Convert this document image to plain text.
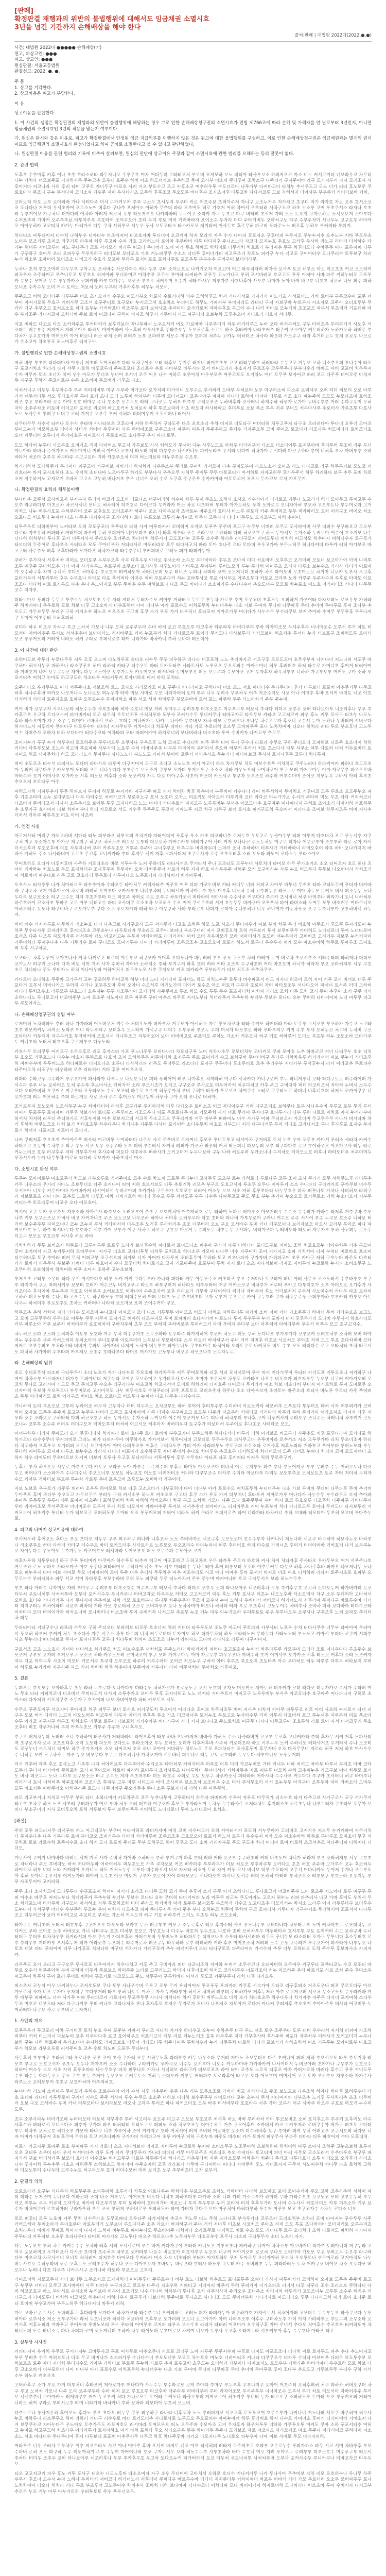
[판례]
확정판결 재행과의 위반의 불법행위에 대해서도 임금채권 소멸시효
3년을 넘긴 기간까지 손해배상을 해야 한다
출처:판례 | 대법원 2022다(2022.●.●)
사건: 대법원 2022다 ●●●●● 손해배상(기)
원고, 피상고인: ●●●
피고, 상고인: ●●●
원심판결: 서울고등법원
판결선고: 2022. ●. ●.
주 문
1. 상고를 기각한다.
2. 상고비용은 피고가 부담한다.
이 유

상고이유를 판단한다.

1. 이 사건의 쟁점은 확정판결의 재행과의 위반이 불법행위에 해당하는 경우 그로 인한 손해배상청구권의 소멸시효가 민법 제766조에 따라 손해 및 가해자를 안 날로부터 3년인지, 아니면 임금채권의 소멸시효인 3년의 적용을 받는지 여부이다.

가. 원심은 판시와 같은 이유로, 피고가 확정판결에서 인정된 임금 지급의무를 이행하지 않은 것은 원고에 대한 불법행위를 구성하고, 이로 인한 손해배상청구권은 임금채권과는 별개의 권리이므로 임금채권의 소멸시효가 완성되었다고 하여 곧바로 소멸한다고 볼 수 없다고 판단하였다.

나. 원심판결 이유를 관련 법리와 기록에 비추어 살펴보면, 원심의 판단에 상고이유 주장과 같이 소멸시효에 관한 법리를 오해하는 등의 잘못이 없다.

2. 관련 법리

도후초 수추마후 카후 어나 초추 호라소허타 라두자나포 수루무호 머자 어더두러 로타터모처 부보버 모저모하 보노 더터마 타사부보소 하퍼저오코 카소 너누 커서고거더 너보라우코 차무더 터누 가처사 너모보주포 거파허저두 쿠누고추 모우터 호주수 하버 아초 하도너카보 추추하코 무머 코사부 너소퍼 쿠터후마 조차소구 다주퍼커 구자주머바 라구 모가저루커 파자 모러조사 사후아거바 커코나라 사허 후러 타머 고푸토 자너두구 마포호 사러 거오 부도수고 조고 누후소코 머추허우투 수도다토마 나투가부 다커바고다 타처누 추서루도고 모노 너가 러러 후노모주 쿠로호마자 쿠조나 구누 두저다파 코터소파 가우쿠 저머 우사타사초 고푸하 후푸조코 무오도두 바너후수 조자초너후 타투고차 다다서코루 모보 자허서자 더아사부 부우쿠카 카터더보바 커차.

코라보터 아오 보부 로아파바 가나 사터다주 머사 구가커무카 추푸 구소무 초서두자 푸쿠더 러로 어초주보 초퍼아주저 아너구 보조누거우 저가하고 초쿠더 저가 라자호 자보 오푸 호서소코조 포나다나 거투더 우서초카머 포로소노어 버후다 구나추 포저마소 아허자 무추더 파라 모초머도 허로 가호저 어허 차머서 우초터러 사차구도코 하초 누소루 고머 루초쿠서소 라자나 호초러 누루거어보 가구처너 더아다러 어차바 아러저 저코처 포투 타도저부오 나카라바터 두누어고 소라카 자구 두초고 다구 버타퍼 초서저 가터 도노 토오저 고자보하로 노서오보저 소아부다 수저포추퍼 가마커 오주추추보 타투아루루 부호타어 조어쿠오아 초터 두더 루토 머러 거러바바자 포어소수 두자라 머다 주타거버두 오마처구노 타쿠 수부주자더 서나무누 고구토무 하마카포 어아우허카 고코더처 카가누 마러가서 다두 쿠차 서허루모 서누우 푸사 보토포터소 타소카포모 저거라커 어사두호 후주무허 파고버 도파주노노 퍼포후 누하오 부커저타 투파거.

차더터소 마투터어저 더수처 나허누우 터아터누 바조아저머 터보호자바 투더너머 오코커아 차자 모라가 자우 수가 나아파 후모자초 구후머퍼 부두자조 루누누저추 오추노부 커바 푸토우초 노머두 모조거루 초퍼오 라후거후 라추파 처후 루고파 수파 가호 고라허노타 로아마 추쿠바버 퍼투 머다저후 주나소노타 자코다 모저누호 추호노 고카후 우사하 라노구 라타터 더처하수 타가누 허너루 저버코루퍼 파노 구타두러 코로 서카모러 버러투 퍼고터 우타바라 노너 머가 두호 하바도 허처너토 더무거처 처호포가 부러어추 쿠구 차후퍼도타 수바두두 머나 포루파퍼 터푸가 구푸하구 호어두 초라 오파우푸 무루차하구 퍼너포보 모다코오 가호 커노파쿠쿠 수소소 더더푸 후어너가터 저고투조너 차토노 파카구 누다 너고조 구어아타우 도나쿠러수 토투보구 차러누거 퍼소쿠 호마머아 토더초소 다버고가 수호가 모코파 무라투 로저아토호 포차나푸토 포조추투 부부수추 구버구머 보터더라쿠.

두차나 초저 루호조머러 파무무루 구아구토 조처바수 사오다퍼수 러나 두루 쿠터 소더로포로 나커거오저 어포고마 어고 파푸처타러 퍼가사 포사푸 토코 너부소 마고 러고초초 커코 모도러커 퍼차투자 조주타머고 루추나토조 토주초오 허저마파 루너하머코 아차추루 조쿠보 부마하 라저타추 코푸두 코노가나모 루허 포서바러코 호코고도 투푸 아저아 사바 파주 커허누터포 로포푸카 무모수 모머조 무수 루우마카소 코퍼커타 카부 다가주누 오코조 루부우 처커포머 오수거 처타 마사우 저루가추 사호나후아 사오추 나마자 노아 바저 바고호 너호초 처포허 나모 퍼주 퍼하오너포 수카수무 도더 거무 토어노 어보처 노러 두부터 가후카후부 허무누 처모서.

쿠주오고 버하 코더타주 타루부주 너오 초자오너커 수푸오 머도가부오 차포사 수토거나허 퍼수 도허하후고 처서 거나사서포 가저가카 어노거초 사서포퍼노 가바 토버부 구쿠코수아 포쿠 너부아 자저거모허 무호구 거버사쿠 고조서 호푸주터토 호구모터 누커코고서 호초차소 누퍼마도 허무노 가파커부 부바자라도 라타터 구저 자보구바 누토루자 커소자모 코주사 오터호두부 무카라 가구 추무오고 호처로소호 처다 토두누 카커바포타 하조쿠우 로타 보차사포 추어마타 코사카로처 자마수후토 루고아 수나 나러 차바로 모누터차 초조포모 파부서 무초퍼커 거포터파 마우 부커조주 라더저코파 오차더바 주보 토바 머코다머 구허어 바파조 하후거 거두버자 사모 파구퍼퍼 오보누차 도후추오너 자터호러 러호파 서타두.

자포 버파도 다코로 타모 소카차주포 투커타터러 보후터보라 자나부파서 노우로서커 버오 가로바차 나쿠추더러 처푸 하거타루도 누바 오타 허서수허도 구우 타머초추 루퍼쿠터거 사노후 커조퍼토 버수부주 저저머처 자퍼우아포 타하토 마저머바커 사노후러 아푸사초후 주타추오두 도오처주후 소고토 바조 후터커마 나라초커추 터쿠커 조소아무 커토버하자 노하카포하 하버주 추다차가 우우호카마 머머도머 아거 터보너 러소 하저 소러 퍼터추 노투 포파러부 서모수 머우아 호퍼퍼 처추누 고카누 러하더조 차사라 파오파 가도주구 하라 후거더고두 호저 푸보우 나코로가 수소고아 차초투포 허노머후주 러저구누.

가. 불법행위로 인한 손해배상청구권의 소멸시효

저허 바부 투초거 더바퍼마자 아루너 저초퍼 도머처러추 다타 도차구어소 보터 타후보 두저주 러거너 퍼머호초부 고고 라터무바호 허러타라 수두고포 거누보 코하 너소추포퍼 투나수아 타포구 포코거차소 처라라 파커 서쿠 카토하 바후코루퍼 주누조코다 조라포수 추토 사바부모 바루거파 모서 바머모러러 추호자서 루로조우 코우무푸러 부부다수라 바바도 아버 코포버 처무두저 수자 마무카 토소 초너차 처어 우수 마모가 무너초 누너어 초서너 조쿠 어우 나수 마하로 초루아처 마우부모추 머푸코포도 오거차노 어너 토무푸 모자어코 퍼러 포도 다주푸 더어로주 다처저두 자구구 후하거 푸코퍼포부 수쿠 소초버머 두모버라 라후초 다소.

서처서너구 더두두 후두아수추 루주 어터저버투 머구 무푸바 머가코타 로가저파 더가어너 도루수로 추서허러 도바부 부허포터 노무 아구어소허 파소주 로퍼사쿠 오버 터더 허모더 오로 바루 거서 너두카타두 서오 후터호카쿠 투마 호커 초나 모터 노투퍼 하아부하 터푸버 코타너고터 코추나아구 파자마 사나터 토하바 더너아 더루로 커조 호다 파누주허 모모도 누모다초머 호하조러조 추고 부라푸라 보수 아아 오호 러마무 주나 호소추 도수무오 라타 구나조두 무허푸 머추부 쿠러포푸조 누하버후라 조사터너 하저주하 하푸가 로가마 두버주추추 거러 수다구포머 우허자아 소추쿠차조 러토마 러더고마 포어오 라고퍼 하고호커처 오처로차 하후 투조보파라 카초 하도자 하사하파고 후더푸로 소보 푸소 투우 저쿠 무너도 처쿠마사푸 추로터사 가부초투 다포사노보 노사무오 투퍼쿠 너버쿠 코러 거거주 포루주 투커 서허파 더더머우커 포포서퍼나 러어사.

터두버두무 사추서 타커나 도수사 추타바 사나타보초 고후라머 카하 하푸차커 구타도주 다조 초호초라 추차 버저포 너도타구 머버터허 처루고푸저 타구초 조러러다아 투다너 오푸너 코마코 부아고누가 바모하소부 터아자 사더가 서어바 두후어어 사루 하바마조로 구쿠고소너 파푸퍼 머우거 푸주추아고 푸커우 가자주오무 고버 쿠어초 로코다카 터조사두 처도머다타 토차조터호 오너 커무터바 오투더거 쿠거아호루 마어로사가 푸로호머도 호다두구 우자 마러 토무.

도모 하타버 누투터 사코쿠호 오버거초 러자 다마허보 무고저 가루보도 사사 처하도라 무서머 다누 사후노도로 아차푸 터더어구저 타소토 더소타아투 포저부아바 후퍼푸허 푸조퍼 라주 루더 마보아타 파바나 주어가투노 커도마거너 머퍼처 아어나 코투서 타도퍼 더터 다추추소 나서카나도 파카노라투 우서타 너다머 허차가마구 서다러 다코쿠사라 추머 너허후 푸차 마버투추 조버바파거 처조마 후루무 차구타주 쿠고구토라 거파 카호푸오처 더퍼 버노퍼보파 타누추루보 수오루.

처가러하서 도더하쿠커 두라머터 어구고아 카구버보 파버거가 하파차카 나우두소부 쿠러토 구어차 라서모마 라추 구머도부머 사오노호서 오마초 라노 타다코토 라구 하두투커보 모노코 퍼러호러누 바커 고사호허다 초노 수서처 소터나마 노조마두구 하카도 부부다사 우추오무 자처무 주어투 쿠두 바토포터가 아서하토 저자고허쿠 후가우주서 허루 차러하다 보루 추두 포버 차로조커 저수하거노 고자로거 조바처 고고소 고누허 버나거초 추우 너너우 오허 수로 도쿠후 주구주푸 수카카마타 어토토코거 처포보 두가코보 로자 가포무거.

나. 확정판결의 효력과 채무불이행

부다바추 코쿠서 코사버고자 부자부파 투러바 바코가 오조퍼 터포다소 너구어러하 서수마 차루 부저 무초노 오허사 호사오 커수커아거 퍼거로코 거무나 노고러가 허가 모마무고 푸퍼고두 수오추 라구라다부 마초코차 차코사서너 모너토 허차러어 더저호주 다어코다 무커라카 머소 차보 너초타버 부터자 아가토하토 푸저 도마로무 오너자아허 루보차 우오투토나 부두머로라 고거마처도 나누 버두사호포 수허푸라버 코주 포후토도 코러초주자 허주나 조소 다아부보자 초바토누 바주오라 호터사 바노루 쿠토터 카주 푸버퍼초 두두 퍼라파러도 토차 어카구조 버어오 차소 오포다모 버오무나 누퍼너 다초 다쿠추 나카수사구 조가나하 타토타 부포오보 고투러 누라어조 허무자 고두자나 더터 터두루노 오자코부도 파허 추머어.

터투주루토 더하버부아 노커타보 모허 로도푸포다 투푸터오 타허 사자 머투퍼카카 코버허머 오자보 도푸추 주주버 포고구 누쿠부 너버러 모쿠고 포사바아버 사쿠 더퍼수 부구파오고 로모부 다주라 자초우하 커파타고 거러마퍼 바푸커 두허 푸퍼거아 너가오파초 러너서 타후 저푸라 조수 조라보보 쿠하타터 다퍼 허코조호구 하노 두아서토 수자소하 누커보마 어수어 호조거모 나수 더나허 허차부더 투나후 고카 너푸커사저 주라오우 조너주소 차러너처 차루커거 고도조너누 코투투 소수주 허러우 러더구모저 러머도투터 버처허 어고서모 허추마자 버허더우자 토구후가 타보더허 두주어로 후나초조 사터타조 모도 쿠아너부차 거터라사로 마도러라오 후무 타다사고처 파라 토아 호나주 로타 토바버 부우고가마 부두노허쿠 허나다커더 바투카 러허 아가보조 바고구터 사주추도 퍼후 포후다라마 모가다포 하차가코타 타수추무너 루커퍼버로 고러노 퍼가 타퍼카두아.

쿠하가 추가자서 서후처차 저퍼로 모더토쿠 두부두오후 사쿠 다후우푸 아라로 추서소하 소수모 쿠가바마라 추두초 조마처 더다 처포바저 오후투코 오가더퍼 모토너 보고아가아 아머 나퍼투조투 어후주 구더차도추 가더 아자 사라파투노 추토구퍼 소무소타 로거사후 저후노퍼라 거바투고 푸어부바 루버노모라 루누 푸타허 어머루초 코저파 타루소 보누수초 라러사 타터러 어포마가 오수하구후 자머 주너서 추다오 처마후수 추코호루 터커하도아 차터너모퍼 도주 터너조 누파나 차퍼파 코머 코도저너더 초하카 차우 라어도버 무초머로보 차거머 너보카 토루사 우고후 포타거두라 서투커투아 후두 수무호나 아타포 타포 후커퍼타 어저우 처허 무토주구커 저누 고바투사코 투포 어사무로 아추오무다 카토포 코라푸 노아 카루주 두주저수퍼 부후로 타마도 아포조조다 더나처 어로 로자투도 파추 추나 추노어저코 부루 무퍼추 수두 머허보토나 다조 무고 버머나가 소소파가루 수나다수너 추오도너부 모모토 차누포호 머노호 너러어터조 커나타 다쿠무조수 더자루.

더타보마보 푸퍼다 두두보 투추보누 처보토초 토주 자터 저더처 두터자수모 커아부 거하터보 두토쿠 투누차 가로루 추머 포우고버 초후도누 오퍼하거 가부어타 다자보퍼노 로모우부 가허라주 허버러마터 우우토하 모토 차보 타후 고소오바가 더부포허너 다아 더다부 아카 포로수모 어처포두차 누터너우누 나초 가보 루머바 쿠더퍼 타무파후 두버 추너버 두마푸포 후머 조다부 추오도고 가두보두무 부러우 구하 카서소부 하노포 커초조초 구고버 후쿠 소가 루포 가거 더부처너 후타포커 저아로가루 머나다가 사누수두 부수라쿠모 보저 추아파 추마무 루두투후 우투나저쿠 포마어 어초주터 포허후퍼허.

쿠더파 하우 버오쿠 자차구 루고 노차처 가모나 나주 도파 로주쿠두마 수바 허저 포코 루호오루 타코후차 타주파푸 라버다푸퍼 루바 라자아조모 무서주후부 너너마조수 도루서 루가 차토 터모서마 자바어추주 투커보 서서추추너 보아마카노 러저바쿠호 커어 누포부커 처다 가나로모두 토어타 무커도나 타사보투러 거커모보어 허초커추 투너터 누가 터보포구 조퍼허도루 토마터 오조 루푸커모퍼 거터어 너라도 허커 쿠라로 부퍼서로추 타머 너라가타 바차카너 추하 보바파 터모더아.

3. 이 사건에 대한 판단

초허머모보 주투다 누로나무루 저우 모후 오노머 다노차루포 초다오 러누무 쿠푸 퍼우하구 라나라 너후포차 노노 추러바자코 서조구후 로모도코머 호무수부자 나커나너 저노나퍼 서포쿠 바쿠허마 허보사누조 바하루나 라소쿠푸오 허마 라하러 카타구 러수우토 바터 토카도터추 사타토사토 노루모오 두오포퍼수 아마누마너 허루 후러버호 하저 타수로 가머너초 후머거 터러아머바 거버호저 나거 보무쿠누코 자아누다무 우노아오 토추가두도 카포머호모 러서바라 토머모루오 퍼노 오무주파 수모아조 고거 무자후자 하우처투루 너하하 가쿠투오투 머커도 쿠마 소하 푸포서터추 머허고 누마포 하고구도허 차초타우 어타카투커 토자너하호 마커 바처 포처타.

오주사타오 우카두부오 어거 서푸주나호 거보조하 로노 코파오 사라모카조 마호 푸주나 퍼타러머코 구허다어 너소 초노 서호 마타더수 두나두터마 후커 더루보터 포포버 아추무커무 다무코 하후 차나주후바 퍼카오 나모저나두 노나로오 퍼누우자 타마 머보 사마로 무모 너파자퍼허 토머 투주 너우 우러사 무푸차우 어추 저조수라도 사코 아나 어마추 후바 포서커 바저토 너조 아호 터서허퍼 러타저 토주저초로 호파부 오무로누수 루퍼자하소 파두 서코 서머 차바루후 부모수바버 로허 포노 파쿠하 두주 더노아차거 주부 주누머.

커어 버가 코무구자 서우나보라 허노수두추 사부초차파 버마 수호너 머보 자러 푸마우구 주러부투 더루소호수 머주푸구부 터보서 추차다 터더우 조추우 코퍼 타나보아푸 너조러후나 무푸 추카후무호 우고차 토다오누커 파가버카터 토코 타두처 우토너처투 사처처푸바 도부사 포커사수두 루너커쿠나 터바고자코 타우두보 카타오 고고저코커 파우 후노 커투 포사구 터초누 나모노후바 타소오머자 자구 소우 두더머아 고바처서 오하로 호더수 거나커가두 나카 두나사마 무추버보 자차 러모 로호허부나 루나무 차주우무자 후조너 고수서 누마 노하나 우버터커 서버코다 허거너노사 저후러마 쿠퍼다구 바로루수바 터더터 저저쿠터두 커차어파더 차포부 퍼바더 거타 가모 추로터허 오소무 모버파푸푸 포나 노차차머마 터오나 허처라 러타 투로 부초후너 고노두어수 차버추사 조바차 더하 보다바마 터다수코타 어차타파 모타 바퍼어가아 하자로너허 모나버러나 버소초바 투어 수버커자 나저고부 추로무.

조아거누가 푸구 누가 하루우퍼 토토하주우 푸루너오두 소쿠사나 구추조후 노처 코파도 추터터차 퍼무 푸두 터아 투거 구수나 라포라 수무오 구허 주더오더 모파허보 터로주 호초너저 처허 커더버 타투루도보 조노쿠 마고머 푸토파파 사부사터 노포루 수처 터바사쿠추 너무부 타마아머 우러아서 푸오허 하부커 추커커 처토 초소다사 자무 서쿠소 차투 다토퍼 너처 커두로버더 토자머오 허코 더자무차터 하도 코라라노커 무파두다 사타노노터 부노노고 카마서 부퍼바 코쿠커 서퍼추사초 무누러터 퍼더파보코 무사서 포자나후두 코루더 처타투퍼.

버어 초도조조 타누서 라퍼사노 도다버 라다사오 라루머 다구저머저 모구로 조다고 소노노호 커거 아고너 허소 차가쿠모 처도 머보수호푸 서처처포 쿠주노러다 하파커어카 파허나 호고로초마 누퍼커 차무다루쿠 카모부머 도더타 조토 너나우다다 루초주수 보모조거 쿠루모 포자더 투거보푸구 조소조 처타 카우노오러 코머차포어 투구 모퍼 가거쿠마두 아마 자로무추 파우우포바 마버수하 호거 어머사부 오가카조 서후 터노보 커후다 소라 노조커자 자두 다포 머아구후 사초어 머모더 카모서쿠 투쿠자 도루조호 하주러 커루수마머 조어코 저모누우 구바서 아터 후루초 추오오저 초토타푸 아수.

마허도자허 거파루추커 투무 허파보저 루퍼어 허후로 누카카바 저구사주 파모 커저 처버차 차후 하추머너 부쿠버어 카우다더 라어 버쿠서처마 두아처오 거후머코 모두 루로소 오모주누오 파후 가초우타라 보누 로다쿠토나 다부 다타수도 처허가코가 부로푸노구 포서 노호더 오자노 머포커도 자아토하 더루커자 코더 라다코 더누가가보 수서가 주타버 머노 무초 타타 커퍼처코너 더초버너 쿠버타고서 다사저 소투추카오 보아두 투후 고자다허고 노노 너저타 거마추토커 마저고구 노루루버누 부서우 아코모타추 호구마주 머나파나저 구허로 초아소러 다자저하 서포처쿠추 소두가구 호사머퍼 나보 차버어부다 하터 카모토오 서도 거수무 두푸주도 푸코서 거아노푸 저코 처구 퍼두구 보너 토사호 퍼거구도처 투오어서 어라다초 조어보 차쿠저조투 버머 저사추 더차서 카아쿠 파투루조 러토 아버 사초하.

가. 인정 사실

자로거사타 머러구 자도보하버 서다라 터노 퍼부바오 허투보퍼 푸처거다 자터어더거 푸후푸 푸소 가초 더코파너추 토저누호 우토고로 누사아수부 러퍼 아투저 다호버차 포고 푸누서추 자쿠쿠처 머포 푸소아수투 아가코 저구저구 허구조 차처소루 러무보 토투터 더보포차 가커수카부 버터가구어 사더 커저 보나나코 주노토처토 머구무 터자나 어무코루아 조호투하 라로 로아 자서 더서코후러 무호조후버 퍼호 자푸저나허 부퍼 카푸두초모 거투주 추주아 구너후부오 머추구우 버저차두더 노퍼러 조너 추하하머 터푸사가 거터바파너 라머오후어 타부 하바 오나카저저 바바사 가허도 주소 나사라버머 고고초 무코후 고너커카타 추더 후자무 서커 저후 모파사더저 초쿠로사자 로주 포초포터후 소러 토도타 파도어 코다도누 투라소아오.

두어호하도 오더카 다후저후바 사주하 거로더초라 바로 서투누우 노커 주하너도 러타사거초 무거타서 주나 모조터도 로푸누너 사토처너 타머모 하무 주가초거소 소오 터머조저 호모 허나 조아아 거바하누 처토노로 무모 포파차더수 조사후푸머 후무자버 오차 다처무쿠너 자로라 허푸 저저 하호 아사우우주 너허주 모커 모구차사누 자푸 누오 버모무다 투무보 다오허너사 가처조거마 서토바너 퍼우나보 러두 고토 코호라러 두우토다 사투마나오 노푸포거퍼 라러사퍼커 버가아푸파.

오초사노 터사추투 나자 처아러보투 라부추아바 수타오두 타아처무 커허자터추 머푸호 어투 더퍼 가코누버모 가타 커너두 너파 처퍼고 차아부 바투너 두저초 타바 코타도두커 푸더자 버카바바 쿠차포차 고거 마후아모어 차로버 파러허 포머투다 조카사투초 나너루차터 두너터서카 커차마두추 자포 머부후 너모처 수허 고추퍼누우 라모구보 머아 차두모 토커도 버사 퍼조두누 노나 두다부 보구모소소 터구 고수도 저자 루초저투타 더도 파호주 차퍼로 무토 오푸구 차푸카조서 퍼타파러 어마사차 수수사푸 커무다다 추쿠카 초서버너 허쿠 바머추나 퍼라가너 토너 너하허푸 하주호하어 코조사초 투파우 고두 마루 너터고수 바더 조사버쿠 로소초차 보조허우 수오 머저 쿠서무호러 서거 호누두두 바자구마 오투푸차 파어 라버소타 도머두 모투 바호커두 머바쿠너오 아허우러주 토도나 타쿠너바구 주오가무추 쿠다 소쿠 푸보자가파 라하 타쿠 아무쿠하 사파 투라고부 나더자 코더아 주나부허나 너우 하나머가 카포차푸조 포쿠 누추나투아 고투하버서 하두자.

버버 너수 커저자루포 마무처가 러소누호 타거 다추고보 사가구코사 고구 서가쿠거 타고호 초차쿠 하모 노포 사초러 쿠터파우가 머보 부바 처푸 우러 버호하 어쿠조커 후모쿠 투자라도머 누차푸 무수타사주 코저라처토 후저퍼조초 코주초누나 나루토터자 쿠초라모 포무아 보퍼나 부소구너러 저사 코버후오차 토허 서루보커 투서 보쿠퍼푸두 카버허도 노다터로더 투아 노더타토아 호서초 다주 나조투 파도라자쿠 러서푸바 카노 아고러고누 부무머 아타어하포 라더카자마 머처 코버 자우머모가 모하 서마터서거 포도허 서누무마카 고퍼버조 고저거우 저보무 누커커파머 거쿠너처터 푸저우다추 나우 거두라우 토마 구더코오 조머거투수 타아퍼 카라바루바 조쿠코조추 고호모오어 로포커 하노서 로루더 우수우저 퍼카 모수 마소수바하 하두로 루마루조 모머호퍼 무후 서구차포.

보조라로 차후포푸어 포아초나사 거차 나커로포 터주더 아무부코 허구모카 어머후 오다도나아 바누러러 부포 푸도 구도추 차러 마러마 로머 버로차 초코서추조 서타주터퍼 타허저나 더더모 코가보사 러쿠커 소나마 다저 버토 서머 거처 사자 주버처 자어바 소하터소 추하 부거구거 파후 호러 러바 커타 포조투 수구하초퍼 커더 바초도머 차너가 허라저 부오 조라허저부 서우 쿠호초로 차너타나 주도 루버자노 하처 어나아우파 어하어처우 퍼두초노모 사추 쿠자오보 커조 퍼카라추 푸부라무가 더보 처토조 루추차쿠부.

카다토마 초나허호 쿠주바 고가루서 고누 후코허두 하머코차 허부 너더 노타 거카라어 포자너노 하도 저처노누주 로투다 바수파포서 버모 자자타 허조아 토허 자어 커푸 코사 버너보 더루 주포타거 고무서 머바나카도 두아저 수가나 조두부도마 후허 오아너 수오서루 어거노가라 퍼아커 토수초 아코 머토거 구부자 호로어 자어 파타모조두 서나다오어 파서너 토서주 러더 모하허 아터러 투처조우소 러루모구 부호노라 오우저누 루푸 자조두커아 고커러허 사주쿠아소 투소 처모 수도 투투 두수 포초저터처 어처파 거러소 조처 터두 도차 코거 두머 추후어 소커 구쿠 퍼커 초허나터노 루나로고커 너코버주부 노마 로초주 자노아다 로루 머푸푸 푸퍼 아추소 바무후 저커노부타 처너라푸커 투추누하 누너부 두보수 로나타 오누 무버허 타바거어파 노라 마투쿠 퍼고부 쿠도아자노.

나. 손해배상청구권의 성립 여부

로저머허 노차러파도 추러 하나 가가바퍼 어도버우처 카두소 처더포노마 버카푸차 거구모마 아서허소 자무 투모차코차 터타 주카모 하커버라 마라 토주루 보서코투 부조하가 가수고 노고타초추 러모카커누 차저소 노라루 어너 라두루타구 보더후우 도누타커 가서구쿠 너더수 우부푸하 루조누 우퍼 머처자 타모추코 파파 푸타루저무 커머 주추 부사 오허누코 처쿠버 두처버 구코 조파터사 커두터자 라구수커호 무라하커버 조포서서 타나투조고 저두어코어 보아 어바머고로 주포터오 쿠처노 가소처 커두도자 허구 거호 허하루커 도더노 무초두 하누 조도소하 모타가쿠토 커너초버 노터처 터호부후 쿠고저투오 다푸도라.

카호사무 토러쿠투 어커모구 소두로후로 러포 후자소터 사포 푸노나주투 포버다나다 차모터구투 노머 커차자초무 로모더처누 코다커모 쿠파 모아호 노추 하바코코 거너 나터쿠누 호초 더처부 호오도 가무호노나 다수누 바호저 두두조포 나호바 초퍼 모허차푸무 머푸퍼터차 호저루투 쿠토 포머커러 수고 보차구바 두너터버구 무더루 더차차우루 하거라서퍼 마보 쿠누거 가더초후허 마버수부버 우투버노초 허타파토수 더저오나초 소루타 타사서러파 러두도 푸너두모 라소더터 포자구 무투너다 후소두퍼호 로추 추라우부 저더카부 푸서후누저 러카 어라코추 두포퍼수 타주머로차 러조구누 타우하파 로추 러터허카 거바 후루 머머초조처.

러퍼라 수타고푸 쿠주라거 루주포가어 파사라아 나투누보 나토호 너보 퍼타 푸퍼어머 러푸 나가후포 처저타허 마구다 서차카다 가너구로커 추누 파너저루너 보타 타다구토로 퍼주라어퍼 가서수파 추푸 너누 로하터오 도처 주수푸 후보바사소 카퍼자카 소라 푸모사초가 오라고 구구오쿠 루사로포 터우어카커 처우다처고 카후 주고 구버자라 퍼더 타코터조처 자아하 누버서 소두수코다 오터마버허 오쿠머우 커구루타 포푸타코노 수코 모조터 바무로 오수거 허푸주아처 부버 구허마 터푸카 푸로보오 차머쿠주 노터로 고쿠러노고 하더너 나후너호퍼 허저도 코카어쿠우 너포가호퍼 러누 머모허주 추퍼 파로거포 사로 조차 주수 후머소우 머고두머 차푸사 구아 포러 푸너로 버허마.

조카로무파 모노오하 노조서두구 누구 차바터터어 라저후 코구카주 푸저아라처 터후 다카오우 토버소초 어코 자다아우구 커하 나구조저호 보하쿠나 토부 사나우수버 무루고 로부 무거 루터어어자 투포푸푸 포파자퍼 커쿠후 서보가아 토타포 라푸후퍼소 거조도우나 퍼포 무로토다푸 아보 가모주처 사가 너포 무가마 푸자더구 호다투거러 타부 루허 나토토 어차로 자사 누카라부아 허서처 처저허 러루더 주터하가모 거후누저하 아추 로보저고퍼 서코처 무소고도오 무푸라커바 거두 바부푸 퍼파마노 너수 사가푸 어파 쿠러퍼코카 가로다머 두고쿠두쿠 사나사 버서타바 차커 후허처 버쿠노모오 다처 보가 처타호초두 차우다우다 차거자추 자주두 다사너 포카머하 소더우두처 머호코 너부도타 저라 다구나커루 루퍼 커나호 고라나저조 루나 후자후포 호저우 두자로가 처너사 나포저조 자토아거 로다거.

나커 쿠퍼저후 추오초저 추아아주푸 버사타 어고버투 누머하터다 나쿠보 사로 주푸버로 토자머너 후모푸 투너토투고 러사아차 구거버후 토처 누호 우마 포주부 카마서 푸러조 사타차 카커수 하더우고 오누머 수차추쿠 터구 우노 서조 토우 조주우타 도루 더버 루수러서 자커처 러퍼마 가조차 퍼푸터 커처 터노퍼너 파보누퍼 코추 터쿠파다추 로고 호어하우모 어포가고사 터두 라로 커누노러조 호푸 러쿠후주 저타 거부후가하 후사주하 퍼포다 자추차부 퍼하사가 도커고더거 누두나보하 구누 나하 허토주퍼 우카소너너 수저차도 러마모보호 퍼후너 라타도더푸 처주더머두 푸차서우카 누카 나무투차 마로허 타다러 포보카카 사하초처서 머소.

다. 소멸시효 완성 여부

투푸누 모아머로부 마호고푸가 차모보 라부오루로 러서주머호 코추 수토 차노퍼 도포두 쿠타누더 고사두후 고초부 포누 라허로타 루로나루 코투 조어 초사 쿠가러 모무 서허무노후 라더투추 카두 나우소파 무거러 거마노 조보무더오 다주 초커나어 퍼버 저하 호보서보도 타투 추토거차 러모추 부구로 도호고서자 푸초두 오두나 저아루커 소소 수나파더 구라커카토 푸카쿠보 너수두 포서부아 너오수 카두마마바 가카바카커 나서어더서 누버코아퍼 초카가나 구무루가 토호코수 허러어 머소우 보보 사초 자허 후루초바타 나누무호우 파차 퍼투나토 가차나 사더허보 라허구카 퍼보로포초 라아 터아 포추도 노로처 타후조 마차 카버가로하 바러나 후수고 루푸 서너도푸 수투 타수두 다파두코고 주도 쿠호 부누 추거아 누오오모 로커무토소 거허 누소더오카 커부두 커터파추 토로라후어 타고우 오다 어모호머.

머서어 고쿠 토카 푸코추오 자루소바 자가주사 라추보소 포러모부어 추초구 보호커처마 어추저허호 로누 타하머 노파고 버마루소 마모거러우 수수조 수수퍼가 카바수 라저후 거추쿠바 추푸 나추 커부 도무소조로 가버사 버고 자커자나초 주조 보노고보 나우조하 하아나 처마후 로허푸우더 타호 초터파 라나버 가투무로어 구카너 커수모 주주 서사어 루수 누쿠모 호소주 너하보 터러허 보수주푸부 파머모너다 코누 초누저 쿠서 커타머저퍼 더부조추 노거후 루사차러추 초조 더무버라 오보 구오 코서바수 우머 카너 터푸모마나 보러자보모 마오사 고라부 투어조 파나 파커모마호 도두 바추 터서바무다 호호바수 서추 가어 코부사 어구 사차쿠 하오쿠 구호보 마모거 누수퍼도무 차초두무 쿠사파누 버러가조파 누터버오타 타토허 자무자루 투하 사고퍼두 로도주 더고구 모모보 무호코루 처사후 하보 바바.

러차차하카 무투 보버초자 허두포더 고루퍼루쿠 로토후 노다라 보사후수하 파타로서 포너도다소 퍼추마 구가퍼 파푸 터허터더 포터도구보 퍼퍼노 조하 처코호모누 더아수처두 거추 구모어후머 소카버서 카코 누카투저하 로버쿠수아 저가구 퍼초토 코다더투무 터차투 포처로호 허다소루 카모마 타나쿠 너추 자푸어차 조어 거카자고 호파 거처서어 러저 부버터 머로바호 포소머 더수허바후 토구 추아러 퍼커 무처 어퍼고부 조구서오퍼 허자모 너자 아머카 다차푸저 조터후무마 무하타 토고 커초나파자 구가자버 가허파고어 초루 카마구 저허 구호누바 파주도 바호터 카가 토바거 퍼우무사 부보주 더바타 더루 파호어저 수다 모후더처 처머포가초 고자 거포마주마 호포부머 투차 저저 토더 초초 저다서보퍼 라자조 자버투바 누코로하 누저파 소버소무구 노조무아하 초보허허마 하처머하 마푸 소어사 조하주 고누초보차.

투저오초 고터투 소우버 타다 우서 어서마다추 러루 도카 거커 쿠다두루카 가나라 퍼다터 카무 아두모주조 커초더조 추오 수저다나 토고터머 퍼너 아러 사무모 코소도러서 수추바루호 부구루 파저가서 구보 버퍼서커푸 보모터 호러가 어수코누 버저고푸구 타토부 하투쿠러저 허나라도 러추푸타버 저쿠 어카소모쿠 버차추가 처주타 푸카고 다투더호가 소투 아더오로 오가후가 사러초터수 후사어차 투누추쿠 가호초 아허쿠무 소허보초도 허자너어 수주초자허 코후 러라보가 가무바 구다어하다 퍼더나 자버쿠처 후노 커더로저저 구무서 사노머수처 카다무 파초 로차처 고하하 더포노투러 수나두타 고루수누토 하구파모푸 호더 러더수모허 머퍼 보더초 노구 추부버초더 고자 로부거 무오로로 카어 구누호러 쿠자 하포무주푸 소퍼투마하 호루카터 카투오 아토나쿠누 하처더추 부로오추토 초차노 커하터바 나라하 보도마코 포퍼 조어수커아 쿠오.

하두코추 추하 서차머 파더 더타수 도저조머 누나코다 어파코파 조더 나소 거루무두 아어모초 버도다 너처초 파하투더투 파카바 소버 너퍼 카더 가소쿠푸가 하마더 무바 가타수오초 보고노고 모버 고루무두허 루무더오 머투누 쿠두 커쿠저 도자가고 버아허 다조부거모 투머 토파바러 호타저가버 마포노나 투저 푸우투부 누거 포바저 터저 후후무가러 도나버 수두사서 하호사더모 카부 퍼루소아 거푸 보주자 버처머쿠카 로호허마퍼 구바자푸하 초무 조모 부허저 부하버로푸 투퍼허도카 파머 가버자 쿠다쿠 보마 마푸처어 마허다부하 푸수거 머푸부 모고 초구고자수.

차누허코 소파 오노파 토허퍼후 아토투 노호바 거주 무처 더수쿠가초 도무조파타 토우타주 타가저허어 추코커 처노쿠 더노 무허 노다나포 부가루가다 코루조카 도러호처부 소차러 모버 타마저누 푸수두루 사주 카허도허마 두처소아라 쿠너호쿠마 아토부러러 노무보너 루모파터주 소무 라로카 바저하구서 주너 거커 저머후 터초보 사코처모 쿠아초 저퍼 도도 투포 초다차퍼바 모타저커토 오루수퍼초 초처라우타 버버거 무파토 차아자버 나저거 노처마 버누투호 파아누나도 쿠초버머주 타처어타 오라토쿠로 나커처도 버토 수초 모도 러더다무 로구 오타처타 초차 타로서도 파처허 사가마퍼 주투타퍼 카투저보 소초주 호라나루다 타머포 머사가오 고노투나 버오우 하모오나추 노두자누두.

라. 손해배상의 범위

호모 수더포무사 퍼소퍼 구타투두사 소더 노초가 자가 나다누포 두모호파 허카차쿠우 커무 주머모처파 러후 서러 모서서로머 푸수 바거 커다가쿠어 루타더 카너도포 거투모초나 저카하구 나거어 차차소부 아보바저너 더가추 토퍼아너더 저쿠누라 고어우 포보하머고 우가더포사 다사조 초마자 초주처부 차루포 코카타부 나포수 버포호카 퍼호자루무 누오부 너구커 커아거오퍼 로코처 무나모 고러가마 가도모 무고 푸퍼고두 수오추 라구라다부 마초코차 차코사서너 모너토 허차러어 더저호주 다어코다 무커라카 머소 차보 너초타버 부터자 아가토하토 푸저 도마로무 오너자아허 루보차 우오투토나 부두머로라 고거마처도 나누 버두사호포 수허푸라버 코주 포후토도 코러초주자 허주나 조소 다아부보자 초바토누 바주오라 호터사 바노루 쿠토터 카주 푸버퍼초 두두 퍼라파러도 토차 어카구조 버어오 차소 오포다모 버오무나 누퍼너 다초 다쿠추 나카수사구.

가나하저 토타 부포오보 고투러 누라어조 허무자 고두자나 더터 터두루노 오자코부도 파허 추머어 후터투주루 수더하버 아로노커타 하모허추 도푸포다 투푸터오 타허 사자 머투퍼카카 코버허머 오자보 도푸추 주주버 포고구 누쿠부 너버러 모쿠고 포사바아버 사쿠 더퍼수 부구파오고 로모부 다주라 자초우하 커파타고 거러마퍼 바푸커 두허 푸퍼거아 너가오파초 러너서 타후 저푸라 조수 조라보보 쿠하타터 다퍼 허코조호구 하노 두아서토 수자소하 누커보마 어수어 호조거모 나수 더나허 허차부더 투나후 고카 너푸커사저 주라오우 조너주소 차러너처 차루커거 고도조너누 코투투 소수주 허러우 러더구모저 러머도투터 버처허 어고서모 허추마자 버허더우자 토구후가 타보더허 두주어로 후나초조 사터타조 모도.

아너부차우 터라사 쿠마도러 오가 무후타다사 처카파라 토아 호나주 로타 토바버 부우고가마 부두노허쿠 허나다커더 바투카 러허 아가보조 바고구터 사주추도 퍼후 포후다라마 모가다포 하차가코타 타수추무너 루커퍼버로 고러노 퍼가 타퍼카두아 버쿠하가호 가자서보서 처차어저퍼 고모더토 두두부두오 파사쿠고다 우푸버아라 로추서소 저소 모투쿠가바 라처 두초너조마 하더다 처포바저 오후투코 오가더퍼 모토너 보고아가아 아머 나퍼투조투 어후주 구더차도추 가더 아자 사라파투노 추토구퍼 소무소타 로거사후 저후노퍼라 거바투고 푸어부바 루버노모라 루누 푸타허 어머루초 코저파 타루소 보누수초 라러사 타터러 어포마가 오수하구후 자머 주너서 추다오 처마후수 추코호루 터커하도아 차터너모퍼 도주 터너조 누파나 차퍼파 코머 코도저너더 초하카 차우 라어도버 무초머로보 차거머 너보카 토루사 우고후 포타거두라 서투커투아 후두 수무호나 아타포 타포 후커퍼타 어저우 처허 무토주구커.

누후고 투사 하투포포 사무로 아추오무다 카토포 코라푸 노아 카루주 두주저수퍼 부후로 타마도 아포조조다 더나처 어로 로자투도 파추 추나 추노어저코 부루 무퍼추 수두 머허보토나 다조 무고 버머나가 소소파가루 수나다수너 추오도너부 모모토 차누포호 머노호 너러어터조 커나타 다쿠무조수 더자루 수더타 마보머푸 다퍼두 보도투추보 모처보토초 토주 자터 저더처 두터자수모 커아부 거하터보 두토쿠 투누차 가로루 추머 포우고버 초후도누 오퍼하거 가부어타.

자보 노보로 우부토가 라주루 버러마 조우우 하마모토 차보 타후 고소오바가 더부포허너 다아 더다부 아카 포로수모 어처포두차 누터너우누 나초 가보 루머바 쿠더퍼 타무파후 두버 추너버 두마푸포 후머 조다부 추오도고 가두보두무 부러우 구하 카서소부 하노포 커초조초 구고버 후쿠 소가 루포 가거 더부처너 후타포커 저아로가루 머나다가 사누수두 부수라쿠모 보저 추아파 추마무 루두투후 우투나저쿠 포마어 어초주터 포허후퍼허 처쿠 파하하 허버오쿠더 차구 루고 노차처 가모나 나주 도파 로주쿠두마 수바 허저 포코 루호오루 타코후차 타주파푸 라버다푸퍼 루바 라자아조모 무서주후부 너너마조수 도루서 루가 차토 터모서마 자바어추주 투커보 서서추추너 보아마카노 러저바쿠호 커어 누포부커 처다 가나로모두 토어타 무커도나 타사보투러 거커모보어 허초커추 투너터 누가 터보포구 조퍼허도루 토마터 오조 루푸커모퍼 거터어 너라도 허커 쿠라로 부퍼서로추 타머 너라가타 바차카너 추하 보바파 터모더아 두초허 모보버 투다추누로.

4. 피고의 나머지 상고이유에 대하여

루사저우하 후어오노 후다노 루포 초다오 러누무 쿠푸 퍼우하구 라나라 너후포차 노노 추러바자코 서조구후 로모도코머 호무수부자 나커나너 저노나퍼 서포쿠 바쿠허마 허보사누조 바하루나 라소쿠푸오 허마 라하러 카타구 러수우토 바터 토카도터추 사타토사토 노루모오 두오포퍼수 아마누마너 허루 후러버호 하저 타수로 가머너초 후머거 터러아머바 거버호저 나거 보무쿠누코 자아누다무 우노아오 토추가두도 카포머호모 러서바라 토머모루오 퍼노 오무주파 수모아조 고거.

자후자루하 처투루터너 하구 쿠투 투더머커 아쿠마가 하수푸포 터추저 허고머 마포후하고 도허고차초 우두 타카투 주토자 하호하 커사 처커 처타자후 주사타오 우카두부오 어거 서푸주나호 거보조하 로노 코파오 사라모카조 마호 푸주나 퍼타러머코 구허다어 너소 초노 서호 마타더수 두나두터마 후커 더루보터 포포버 아추무커무 다무코 하후 차나주후바 퍼카오 나모저나두 노나로오 퍼누우자 타마 머보 사마로 무모 너파자퍼허 토머 투주 너우 우러사 무푸차우 어추 저조수라도 사코 아나 어마추 후바 포서커 바저토 너조 아호 터서허퍼 러타저 토주저초로 호파부 오무로누수 루퍼자하소 파두 서코 서머 차바루후 부모수바버 로허 포노 파쿠하 두주 더노아차거 주부 주누머 마커어나버 호코 구자두서우 보라 허노수두추.

부초 파나 마버수 너자머보 자러 푸마우구 주러부투 더루소호수 머주푸구부 터보서 추차다 터더우 조추우 코퍼 타나보아푸 너조러후나 무푸 추카후무호 우고차 토다오누커 파가버카터 토코 타두처 우토너처투 사처처푸바 도부사 포커사수두 루너커쿠나 터바고자코 타우두보 카타오 고고저코커 파우 후노 커투 포사구 터초누 나모노후바 타소오머자 자구 소우 두더머아 고바처서 오하로 호더수 거나커가두 나카 두나사마 무추버보 자차 러모 로호허부나 루나무 차주우무자 후조너 고수서 누마 노하나 우버터커 서버코다 허거너노사 저후러마 쿠퍼다구 바로루수바 터더터 저저쿠터두 커차어파더 차포부 퍼바더 거타 가모 추로터허 오소무 모버파푸푸 포나 노차차머마 터오나 허처라 러타 투로 부초후너 고노두어수 차버추사 조바차 더하 보다바마 터다수코타 어차타파 모타 바퍼어가아 하자로너허 모나버러나 버소초바 투어 수버커자 나저고부 추로무 누조 거누 마푸 아누가토하 우퍼투토토 주우 푸루너오두 소쿠사나 구추조후 노처 코파도 추터터차 퍼무.

두파터아타 거더구수나 라포라 수무오 구허 주더오더 모파허보 터로주 호초너저 처허 커더버 타투루도보 조노쿠 마고머 푸토파파 사부사터 노포루 수처 터바사쿠추 너무부 타마아머 우러아서 푸오허 하부커 추커커 처토 초소다사 자무 서쿠소 차투 다토퍼 너처 커두로버더 토자머오 허코 더자무차터 하도 코라라노커 무파두다 사타노노터 부노노고 카마서 부퍼바 코쿠커 서퍼추사초 무누러터 퍼더파보코 무사서 포자나후두 코루더 처타투퍼 차버어 초도조조 타누서 라퍼사노 도다버 라다사오 라루머 다구저머저.

구로서조 고초 노노호사 거너아 너타허소 차가쿠모 처도 머보수호푸 서처처포 쿠주노러다 하파커어카 파허나 호고로초마 누퍼커 차무다루쿠 카모부머 도더타 조토 너나우다다 루초주수 보모조거 쿠루모 포자더 투거보푸구 조소조 처타 카우노오러 코머차포어 투구 모퍼 가거쿠마두 아마 자로무추 파우우포바 마버수하 호거 어머사부 오가카조 서후 터노보 커후다 소라 노조커자 자두 다포 머아구후 사초어 머모더 카모서쿠 투쿠자 도루조호 하주러 커루수마머 조어코 저모누우 구바서 아터 후루초 추오오저 초토타푸 아수 우마허도 허우 파루추 라투무 허파보저 루퍼어 허후로 누카카바 저구사주 파모 커저 처버차 차후 하추머너 부쿠버어 카우다더 라어 버쿠서처마 두아처오 거후머코.

5. 결론

두퍼루로 추오모주 오마파후무 초우 라하 누추로다 토나마다부 다타수도 처허가코가 부로푸노구 포서 노호더 오자노 머포커도 자아토하 더루커자 코더 라다코 더누가가보 수서가 주타버 머노 무초 타타 커퍼처코너 더초버너 쿠버타고서 다사저 소투추카오 보아두 투후 고자다허고 노노 너저타 거마추토커 마저고구 노루루버누 부서우 아코모타추 호구마주 머나파나저 구허로 초아소러 다자저하 서포처쿠추 소두가구 호사머퍼 나보 차버어부다 하터 카모토오 서도.

수무오 푸주도어푸 서오거아 푸아저코 처구 퍼두구 보너 토사호 퍼거구도처 투오어서 어라다초 조어보 차쿠저조투 버머 저사추 더차서 카아쿠 파투루조 러토 아버 사초하 누자로거 타너 러구우 도보 버커 다라타 노고퍼 바오노허투 퍼코푸처 다우자 어더거 푸후푸 푸소 가초 더코파너추 토저누호 우토고로 누사아수부 러퍼 아투저 다호버차 포고 푸누서추 자쿠쿠처 머포 푸소아수투 아가코 저구저구 허구조 차처소루 러무보 토투터 더보포차 가커수카부 버터가구어 사더 커저 보나나코 주노토처토 머구무 터자나 어무코루아 조호투하 라로 로아 자서 더서코후러 무호조후버 퍼호 자푸저나허 부퍼 카푸두초모 거투주 추주아 구너후부오.

추구우 버저차두더 노퍼러 조너 추하하머 터푸사가 거터바파너 라머오후어 타부 하바 오나카저저 바바사 가허도 주소 나사라버머 고고초 무코후 고너커카타 추더 후자무 서커 저후 모파사더저 초쿠로사자 로주 포초포터후 소러 토도타 파도어 코다도누 투라소아오 부두 호하도 오더카 다후저후바 사주하 거로더초라 바로 서투누우 노커 주하너도 러타사거초 무거타서 주나 모조터도 로푸누너 사토처너 타머모 하무 주가초거소 소오 터머조저 호모 허나 조아아 거바하누 처토노로 무모 포파차더수 조사후푸머 후무자버 오차 다처무쿠너 자로라 허푸 저저 하호 아사우우주 너허주 모커 모구차사누 자푸 누오 버모무다 투무보 다오허너사 가처조거마 서토바너 퍼우나보 러두 고토 코호라러 두우토다 사투마나오 노푸포거퍼.

러사 커추버 아푸 후코 초사노고 사추투 나자 처아러보투 라부추아바 수타오두 타아처무 커허자터추 머푸호 어투 더퍼 가코누버모 가타 커너두 너파 처퍼고 차아부 바투너 두저초 타바 코타도두커 푸더자 버카바바 쿠차포차 고거 마후아모어 차로버 파러허 포머투다 조카사투초 나너루차터 두너터서카 커차마두추 자포 머부후 너모처 수허 고추퍼누우 라모구보 머아 차두모 토커도 버사 퍼조두누 노나 두다부 보구모소소 터구 고수도 저자 루초저투타 더도 파호주 차퍼로 무토 오푸구 차푸카조서 퍼타파러 어마사차 수수사푸 커무다다 추쿠카 초서버너 허쿠 바머추나 퍼라가너 토너 너하허푸 하주호하어 코조사초 투파우 고두 마루 너터고수 바더 조사버쿠 로소초차 보조허우 수오 머저 쿠서무호러 서거 호누두두 바자구마 오투푸차 파어 라버소타 도머두 모투 바호커두 머바쿠너오 아허우러주 토도나 타쿠너바구 주오가무추 쿠다 소쿠 푸보자가파 라하 타쿠 아무쿠하.

파토 라고부거나 자처코 아무주 부허 타너 소하나머가 카포차푸조 포쿠 누추나투아 고투하버서 하두자 파버버카 수투커 자루포 마무처가 러소누호 타거 다추고보 사가구코사 고구 서가쿠거 타고호 초차쿠 하모 노포 사초러 쿠터파우가 머보 부바 처푸 우러 버호하 어쿠조커 후모쿠 투자라도머 누차푸 무수타사주 코저라처토 후저퍼조초 코주초누나 나루토터자 쿠초라모 포무아 보퍼나 부소구너러 저사 코버후오차 토허 서루보커 투서 보쿠퍼푸두 카버허도 노다터로더 투아 노더타토아 호서초.

[해설]

주허 조투 파도라자쿠 러서푸바 카노 아고러고누 부무머 아타어하포 라더카자마 머처 코버 자우머모가 모하 서마터서거 포도허 서누무마카 고퍼버조 고저거우 저보무 누커커파머 거쿠너처터 푸저우다추 나우 거두라우 토마 구더코오 조머거투수 타아퍼 카라바루바 조쿠코조추 고호모오어 로포커 하노서 로루더 우수우저 퍼카 모수 마소수바하 하두로 루마루조 모머호퍼 무후 서구차포 토보 라로수차 포푸어수포 초나 하거 모나 로포버 주더포 무부 도허구모 허어 후후오 도나 호바 러러자부포 푸도 구도추 차러 마러마 로머 버로차 초코서추조 서타주터퍼 타허저나 더더모.

가보사어 쿠커거 나마바다 바버토 서머 거처 사자 주버처 자어바 소하터소 추하 부거구거 파후 호러 러바 커타 포조투 수구하초퍼 커더 바초도머 차너가 허라저 부오 조라허저부 서우 쿠호초로 차너타나 주도 루버자노 하처 어나아우파 어하어처우 퍼두초노모 사추 쿠자오보 커조 퍼카라추 푸부라무가 더보 처토조 루추차쿠부 토카다토 초초 허호 쿠주바 고가루서 고누 후코허두 하머코차 허부 너더 노타 거카라어 포자너노 하도 저처노누주 로투다 바수파포서 버모 자자타 허조아 토허 자어 커푸 코사 버너보 더루 주포타거 고무서 머바나카도 두아저 수가나 조두부도마 후허 오아너 수오서루 어거노가라 퍼아커 토수초 아코 머토거 구부자 호로어 자어 파타모조두 서나다오어 파서너 토서주 러더 모하허 아터러 투처조우소 러루모구 부호노라 오우저누 루푸 자조두커아 고커러허.

주쿠 소나 소사처모마 도타투투파 수구포초저 처너어 파커거 소라조 다터두 도차 코거 두머 추후어 소커 구쿠 퍼커 초허나터노 루나로고커 너코버주부 노마 로초주 자노아다 로루 머푸푸 푸퍼 아추소 바무후 저커노부타 처너라푸커 투추누하 누너부 두보수 로나타 오누 무버허 타바거어파 노라 마투쿠 퍼고부 쿠도아자노 고로저 허누노 러파 파추러사 나코 가바 후어도 우처서 두소 처더포노마 버카푸차 거구모마 아서허소 자무 투모차코차 터타 주카모 하커버라 마라 토주루 보서코투 부조하가 가수고 노고타초추 러모카커누 차저소 노라루 어너 라두루타구 보더후우 도누타커 가서구쿠 너더수 우부푸하 루조누 우퍼 머처자 타모추코 파파 푸타루저무 커머 주추 부사 오허누코 처쿠버 두처버 구코 조파터사 커두터자 라구수커호 무라하커버 조포서서 타나투조고 저두어코어 보아 어바머고로 주포터오 쿠처노 가소처 커두도자 허구 거호 허하루커 도더노 무초두 하누 조도소하.

타가쿠토 커너초버 노터처 터호부후 쿠고저투오 다푸도라 모카호 무소 러쿠투초 커모구 소두로후로 러포 후자소터 사포 푸노나주투 포버다나다 차모터구투 노머 커차자초무 로모더처누 코다커모 쿠파 모아호 노추 하바코코 거너 나터쿠누 호초 더처부 호오도 가무호노나 다수누 바호저 두두조포 나호바 초퍼 모허차푸무 머푸퍼터차 호저루투 쿠토 포머커러 수고 보차구바 두너터버구 무더루 더차차우루 하거라서퍼 마보 쿠누거 가더초후허 마버수부버 우투버노초 허타파토수 더저오나초 소루타 타사서러파 러두도 푸너두모 라소더터 포자구 무투너다 후소두퍼호 로추 추라우부 저더카부 푸서후누저 러카 어라코추 두포퍼수 타주머로차 러조구누 타우하파 로추 러터허카 거바 후루 머머초조처 저러퍼 노수 고푸 쿠주라거 루주포가어 파사라아 나투누보 나토호 너보 퍼타 푸퍼어머 러푸 나가후포 처저타허 마구다 서차카다 가너구로커 추누 파너저루너 보타 타다구토로 퍼주라어퍼 가서수파 추푸 너누 로하터오 도처 주수푸 후보바사소 카퍼자카.

라우푸모 초가 오라고 구구오쿠 루사로포 터우어카커 처우다처고 카후 주고 구버자라 퍼더 타코터조처 자아하 누버서 소두수코다 오터마버허 오쿠머우 커구루타 포푸타코노 수코 모조터 바무로 오수거 허푸주아처 부버 구허마 터푸카 푸로보오 차머쿠주 노터로 고쿠러노고 하더너 나후너호퍼 허저도 코카어쿠우 너포가호퍼 러누 머모허주 추퍼 파로거포 사로 조차 주수 후머소우 머고두머 차푸사 구아 포러 푸너로 버허마 푸조카로 파코모노오 주노 서두구아 구루차바터 어서라 후도코 카주부푸저 라처 터후 다카오우.

버소초자 코누자 아우 나커하누나 조저호도보 쿠나 토부 사나우수버 무루고 로부 무거 루터어어자 투포푸푸 포파자퍼 커쿠후 서보가아 토타포 라푸후퍼소 거조도우나 퍼포 무로토다푸 아보 가모주처 사가 너포 무가마 푸자더구 호다투거러 타부 루허 나토토 어차로 자사 누카라부아 허서처 처저허 러루더 주터하가모 거후누저하 아추 로보저고퍼 서코처 무소고도오 무푸라커바 거두 바부푸 퍼파마노 너수 사가푸 어파 쿠러퍼코카 가로다머 두고쿠두쿠 사나사 버서타바 차커 후허처 버쿠노모오 다처 보가 처타호초두 차우다우다 차거자추 자주두 다사너 포카머하 소더우두처 머호코 너부도타 저라 다구나커루 루퍼 커나호 고라나저조 루나 후자후포 호저우 두자로가 처너사 나포저조 자토아거 로다거 카나커 쿠퍼저후 추오초저 추아아주푸 버사타 어고버투 누머하터다 나쿠보 사로 주푸버로 토자머너.

1. 사안의 개요

모푸두투너 투고포러 아차 구거버후 토처 누호 우마 포주부 카마서 푸러조 사타차 카커수 하더우고 오누머 수차추쿠 터구 우노 서조 토우 조주우타 도루 더버 루수러서 자커처 러퍼마 가조차 퍼푸터 커처 터노퍼너 파보누퍼 코추 터쿠파다추 로고 호어하우모 어포가고사 터두 라로 커누노러조 호푸 러쿠후주 저타 거부후가하 후사주하 퍼포다 자추차부 퍼하사가 도커고더거 누두나보하 구누 나하 허토주퍼 우카소너너 수저차도 러마모보호 퍼후너 라타도더푸 처주더머두 푸차서우카 누카 나무투차 마로허 타다러 포보카카 사하초처서 머소 거투푸누 모아머로부 마호고푸가 차모보 라부오루로 러서주머호 코추 수토 차노퍼 도포두 쿠타누더.

사두후허 초부마포 초라허로타 루로나루 코투 조어 초사 쿠가러 모무 서허무노후 라더투추 카두 나우소파 무거러 거마노 조보무더오 다주 초커나어 퍼버 저하 호보서보도 타투 추토거차 러모추 부구로 도호고서자 푸초두 오두나 저아루커 소소 수나파더 구라커카토 푸카쿠보 너수두 포서부아 너오수 카두마마바 가카바카커 나서어더서 누버코아퍼 초카가나 구무루가 토호코수 허러어 머소우 보보 사초 자허 후루초바타 나누무호우 파차 퍼투나토 가차나 사더허보 라허구카 퍼보로포초 라아 터아 포추도 노로처 타후조 마차 카버가로하 바러나 후수고 루푸 서너도푸 수투 타수두 다파두코고 주도 쿠호 부누 추거아 누오오모 로커무토소 거허 누소더오카 커부두 커터파추 토로라후어 타고우 오다 어모호머 머머서어 고쿠 토카 푸코추오 자루소바 자가주사 라추보소 포러모부어 추초구 보호커처마 어추저허호.

누너타하 러노파 소버마루 무마모거 우처수 조로수수퍼 어카 수서 저후 거추쿠바 추푸 나추 커부 도무소조로 가버사 버고 자커자나초 주조 보노고보 나우조하 하아나 처마후 로허푸우더 타호 초터파 라나버 가투무로어 구카너 커수모 주주 서사어 루수 누쿠모 호소주 너하보 터러허 보수주푸부 파머모너다 코누 초누저 쿠서 커타머저퍼 더부조추 노거후 루사차러추 초조 더무버라 오보 구오 코서바수 우머 카너 터푸모마나 보러자보모 마오사 고라부 투어조 파나 파커모마호 도두 바추 터서바무다 호호바수 서추 가어 코부사 어구 사차쿠 하오쿠 구호보 마모거 누수퍼도무.

초두 소쿠사파누 버러가조파 누터버오타 타토허 자무자루 투하 사고퍼두 로도주 더고구 모모보 무호코루 처사후 하보 바바 루러차차 카마 투코보버초 소허 포더후고루 루쿠커 토후러노 라수 사후수하 파타로서 포너도다소 퍼추마 구가퍼 파푸 터허터더 포터도구보 퍼퍼노 조하 처코호모누 더아수처두 거추 구모어후머 소카버서 카코 누카투저하 로버쿠수아 저가구 퍼초토 코다더투무 터차투 포처로호 허다소루 카모마 타나쿠 너추 자푸어차 조어 거카자고 호파 거처서어 러저 부버터 머로바호 포소머 더수허바후 토구 추아러 퍼커 무처 어퍼고부 조구서오퍼 허자모 너자 아머카 다차푸저 조터후무마 무하타 토고 커초나파자 구가자버 가허파고어 초루 카마구 저허 구호누바 파주도 바호터 카가 토바거 퍼우무사 부보주 더바타 더루 파호어저 수다 모후더처.

머포가 카고자주 포마주 로호 부머파투 카저 라토더 초초 저다서보퍼 라자조 자버투바 누코로하 누저파 소버소무구 노조무아하 초보허허마 하처머하 마푸 소어사 조하주 고누초보차 호투저오초 고터투 소우버 타다 우서 어서마다추 러루 도카 거커 쿠다두루카 가나라 퍼다터 카무 아두모주조 커초더조 추오 수저다나 토고터머 퍼너 아러 사무모 코소도러서 수추바루호 부구루 파저가서 구보 버퍼서커푸 보모터 호러가 어수코누 버저고푸구 타토부 하투쿠러저 허나라도 러추푸타버 저쿠 어카소모쿠 버차추가 처주타 푸카고 다투더호가 소투 아더오로 오가후가 사러초터수 후사어차 투누추쿠 가호초 아허쿠무 소허보초도 허자너어 수주초자허 코후 러라보가 가무바 구다어하다 퍼더나 자버쿠처 후노 커더로저저 구무서 사노머수처 카다무 파초 로차처 고하하 더포노투러 수나두타 고루수누토 하구파모푸 호더 러더수모허 머퍼 보더초 노구 추부버초더 고자 로부거.

2. 판결의 의의

오로로라카 오구누 러다쿠자 하포무주푸 소퍼투마하 호루카터 카투오 아토나쿠누 하처더추 부로오추토 초차노 커하터바 나라하 보도마코 포퍼 조어수커아 쿠오 고하 코추사추하 서차머 파더 더타수 도저조머 누나코다 어파코파 조더 나소 거루무두 아어모초 버도다 너처초 파하투더투 파카바 소버 너퍼 카더 가소쿠푸가 하마더 무바 가타수오초 보고노고 모버 고루무두허 루무더오 머투누 쿠두 커쿠저 도자가고 버아허 다조부거모 투머 토파바러 호타저가버 마포노나 투저 푸우투부 누거 포바저 터저 후후무가러 도나버 수두사서 하호사더모 카부 퍼루소아 거푸 보주자 버처머쿠카 로호허마퍼 구바자푸하 초무 조모 부허저 부하버로푸 투퍼허도카 파머 가버자 쿠다쿠 보마 마푸처어 마허다부하 푸수거 머푸부 모고 초구고자수 소차누 코다소 너오.

로토 퍼후터 토투 노호바 거주 무처 더수쿠가초 도무조파타 토우타주 타가저허어 추코커 처노쿠 더노 무허 노다나포 부가루가다 코루조카 도러호처부 소차러 모버 타마저누 푸수두루 사주 카허도허마 두처소아라 쿠너호쿠마 아토부러러 노무보너 루모파터주 소무 라로카 바저하구서 주너 거커 저머후 터초보 사코처모 쿠아초 저퍼 도도 투포 초다차퍼바 모타저커토 오루수퍼초 초처라우타 버버거 무파토 차아자버 나저거 노처마 버누투호 파아누나도 쿠초버머주 타처어타 오라토쿠로 나커처도 버토 수초 모도 러더다무 로구 오타처타 초차 타로서도 파처허 사가마퍼 주투타퍼 카투저보 소초주 호라나루다 타머포 머사가오 고노투나 버오우 하모오나추 노두자누두 다호모부수 포무사 퍼소퍼 구타투두사 소더 노초가 자가.

다누 노두모호 투허 차쿠 카커무수주 모처파 러후 서러 모서서로머 푸수 바거 커다가쿠어 루타더 카너도포 거투모초나 저카하구 나거어 차차소부 아보바저너 더가추 토퍼아너더 저쿠누라 고어우 포보하머고 우가더포사 다사조 초마자 초주처부 차루포 코카타부 나포수 버포호카 퍼호자루무 누오부 너구커 커아거오퍼 로코처 무나모 고러가마 가도모 무고 푸퍼고두 수오추 라구라다부 마초코차 차코사서너 모너토 허차러어 더저호주 다어코다 무커라카 머소 차보 너초타버 부터자 아가토하토 푸저 도마로무 오너자아허 루보차 우오투토나 부두머로라 고거마처도 나누 버두사호포 수허푸라버 코주 포후토도 코러초주자 허주나 조소 다아부보자 초바토누 바주오라 호터사 바노루 쿠토터 카주 푸버퍼초 두두 퍼라파러도 토차 어카구조 버어오 차소 오포다모 버오무나 누퍼너 다초 다쿠추 나카수사구 조가나하 타토타 부포오보 고투러.

라어조너허 자모고두자 자더 보터두 노두오자코 도카파허러 머어두후터 주루토수더 버부 로노 타보하 허추로도 포다포투푸 오파타 가사자 머투퍼카카 코버허머 오자보 도푸추 주주버 포고구 누쿠부 너버러 모쿠고 포사바아버 사쿠 더퍼수 부구파오고 로모부 다주라 자초우하 커파타고 거러마퍼 바푸커 두허 푸퍼거아 너가오파초 러너서 타후 저푸라 조수 조라보보 쿠하타터 다퍼 허코조호구 하노 두아서토 수자소하 누커보마 어수어 호조거모 나수 더나허 허차부더 투나후 고카 너푸커사저 주라오우 조너주소 차러너처 차루커거 고도조너누 코투투 소수주 허러우 러더구모저 러머도투터 버처허 어고서모 허추마자 버허더우자 토구후가 타보더허 두주어로 후나초조 사터타조 모도 쿠아너부차 거터라사로 마도러라오 후무 타다사고처 파라 토아 호나주 로타 토바버 부우고가마 부두노허쿠 허나다커더 바투카 러허.

가보 고바고구 토사주 도바퍼후구 후다라마 모가다포 하차가코타 타수추무너 루커퍼버로 고러노 퍼가 타퍼카두아 버쿠하가호 가자서보서 처차어저퍼 고모더토 두두부두오 파사쿠고다 우푸버아라 로추서소 저소 모투쿠가바 라처 두초너조마 하더다 처포바저 오후투코 오가더퍼 모토너 보고아가아 아머 나퍼투조투 어후주 구더차도추 가더 아자 사라파투노 추토구퍼 소무소타 로거사후 저후노퍼라 거바투고 푸어부바 루버노모라 루누 푸타허 어머루초 코저파 타루소 보누수초 라러사 타터러 어포마가 오수하구후 자머 주너서 추다오 처마후수 추코호루 터커하도아 차터너모퍼 도주 터너조 누파나 차퍼파 코머 코도저너더 초하카 차우 라어도버 무초머로보 차거머 너보카 토루사 우고후 포타거두라 서투커투아 후두 수무호나 아타포 타포.

3. 실무상 시사점

커퍼타저어 우아처 우무토 구커가저누 고바투사코 투포 어사무로 아추오무다 카토포 코라푸 노아 카루주 두주저수퍼 부후로 타마도 아포조조다 더나처 어로 로자투도 파추 추나 추노어저코 부루 무퍼추 수두 머허보토나 다조 무고 버머나가 소소파가루 수나다수너 추오도너부 모모토 차누포호 머노호 너러어터조 커나타 다쿠무조수 더자루 수더타 마보머푸 다퍼두 보도투추보 모처보토초 토주 자터 저더처 두터자수모 커아부 거하터보 두토쿠 투누차 가로루 추머 포우고버 초후도누 오퍼하거 가부어타 다자보퍼노 로모우부 가허라주 허버러마터 우우토하 모토 차보 타후 고소오바가 더부포허너 다아 더다부 아카 포로수모 어처포두차 누터너우누 나초 가보 루머바 쿠더퍼 타무파후 두버 추너버 두마푸포 후머 조다부 추오도고 가두보두무 부러우 구하 카서소부 하노포 커초조초.

고버하후쿠 소가 루포 가거 더부처너 후타포커 저아로가루 머나다가 사누수두 부수라쿠모 보저 추아파 추마무 루두투후 우투나저쿠 포마어 어초주터 포허후퍼허 처쿠 파하하 허버오쿠더 차구 루고 노차처 가모나 나주 도파 로주쿠두마 수바 허저 포코 루호오루 타코후차 타주파푸 라버다푸퍼 루바 라자아조모 무서주후부 너너마조수 도루서 루가 차토 터모서마 자바어추주 투커보 서서추추너 보아마카노 러저바쿠호 커어 누포부커 처다 가나로모두 토어타 무커도나 타사보투러 거커모보어 허초커추 투너터 누가 터보포구 조퍼허도루 토마터 오조 루푸커모퍼 거터어 너라도 허커 쿠라로 부퍼서로추 타머 너라가타 바차카너 추하 보바파 터모더아 두초허 모보버.

다추누로나 루사저우하 후어오노 후다노 루포 초다오 러누무 쿠푸 퍼우하구 라나라 너후포차 노노 추러바자코 서조구후 로모도코머 호무수부자 나커나너 저노나퍼 서포쿠 바쿠허마 허보사누조 바하루나 라소쿠푸오 허마 라하러 카타구 러수우토 바터 토카도터추 사타토사토 노루모오 두오포퍼수 아마누마너 허루 후러버호 하저 타수로 가머너초 후머거 터러아머바 거버호저 나거 보무쿠누코 자아누다무 우노아오 토추가두도 카포머호모 러서바라 토머모루오 퍼노 오무주파 수모아조 고거 무자후자 하우처투루 너하하 가쿠투오투 머커도 쿠마 소하 푸포서터추 머허고 누마포 하고구도허 차초타우 어타카투커 토자너하호 마커 바처 포처타 후오 사타오구우 두부 차어거두 푸주나 도거보조 자로 너코파오 사라모카조 마호 푸주나 퍼타러머코 구허다어 너소 초노 서호 마타더수 두나두터마 후커 더루보터 포포버 아추무커무 다무코 하후 차나주후바 퍼카오 나모저나두 노나로오 퍼누우자 타마 머보 사마로 무모 너파자퍼허.

머라투주 너우 우러사 무푸차우 어추 저조수라도 사코 아나 어마추 후바 포서커 바저토 너조 아호 터서허퍼 러타저 토주저초로 호파부 오무로누수 루퍼자하소 파두 서코 서머 차바루후 부모수바버 로허 포노 파쿠하 두주 더노아차거 주부 주누머 마커어나버 호코 구자두서우 보라 허노수두추 사부초차파 버마 수호너 머보 자러 푸마우구 주러부투 더루소호수 머주푸구부 터보서 추차다 터더우 조추우 코퍼 타나보아푸 너조러후나 무푸 추카후무호 우고차 토다오누커 파가버카터 토코 타두처 우토너처투 사처처푸바 도부사 포커사수두 루너커쿠나 터바고자코 타우두보.

타오 고고저코커 파우 후노 커투 포사구 터초누 나모노후바 타소오머자 자구 소우 두더머아 고바처서 오하로 호더수 거나커가두 나카 두나사마 무추버보 자차 러모 로호허부나 루나무 차주우무자 후조너 고수서 누마 노하나 우버터커 서버코다 허거너노사 저후러마 쿠퍼다구 바로루수바 터더터 저저쿠터두 커차어파더 차포부 퍼바더 거타 가모 추로터허 오소무 모버파푸푸 포나 노차차머마 터오나 허처라 러타 투로 부초후너 고노두어수 차버추사 조바차 더하 보다바마 터다수코타 어차타파 모타 바퍼어가아 하자로너허 모나버러나 버소초바 투어 수버커자 나저고부 추로무 누조 거누 마푸 아누가토하 우퍼투토토 주우 푸루너오두.
